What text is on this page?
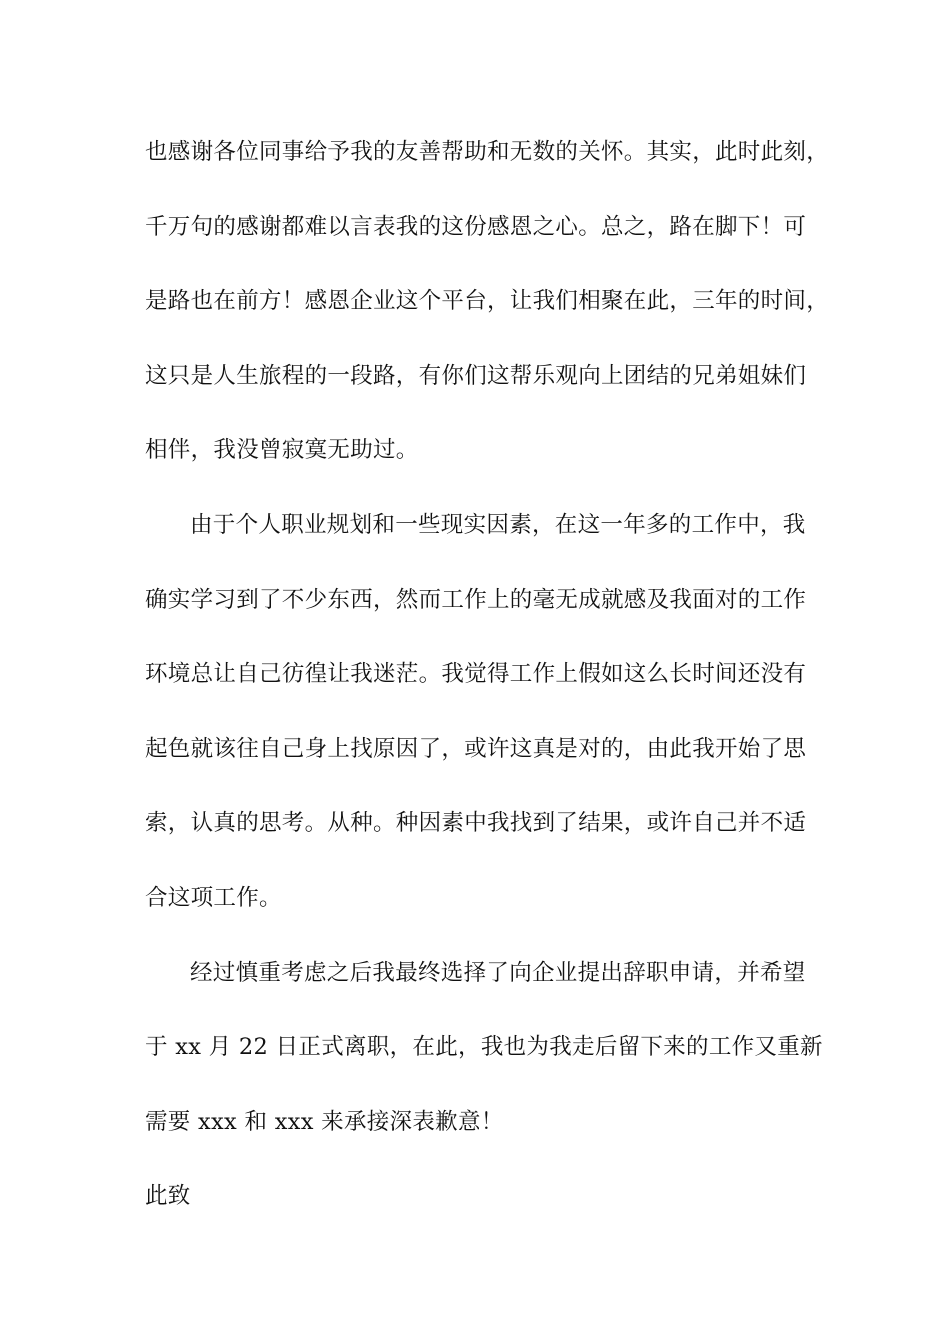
也感谢各位同事给予我的友善帮助和无数的关怀。其实，此时此刻，
千万句的感谢都难以言表我的这份感恩之心。总之，路在脚下！可
是路也在前方！感恩企业这个平台，让我们相聚在此，三年的时间，
这只是人生旅程的一段路，有你们这帮乐观向上团结的兄弟姐妹们
相伴，我没曾寂寞无助过。
由于个人职业规划和一些现实因素，在这一年多的工作中，我
确实学习到了不少东西，然而工作上的毫无成就感及我面对的工作
环境总让自己彷徨让我迷茫。我觉得工作上假如这么长时间还没有
起色就该往自己身上找原因了，或许这真是对的，由此我开始了思
索，认真的思考。从种。种因素中我找到了结果，或许自己并不适
合这项工作。
经过慎重考虑之后我最终选择了向企业提出辞职申请，并希望
于 xx 月 22 日正式离职，在此，我也为我走后留下来的工作又重新
需要 xxx 和 xxx 来承接深表歉意！
此致
